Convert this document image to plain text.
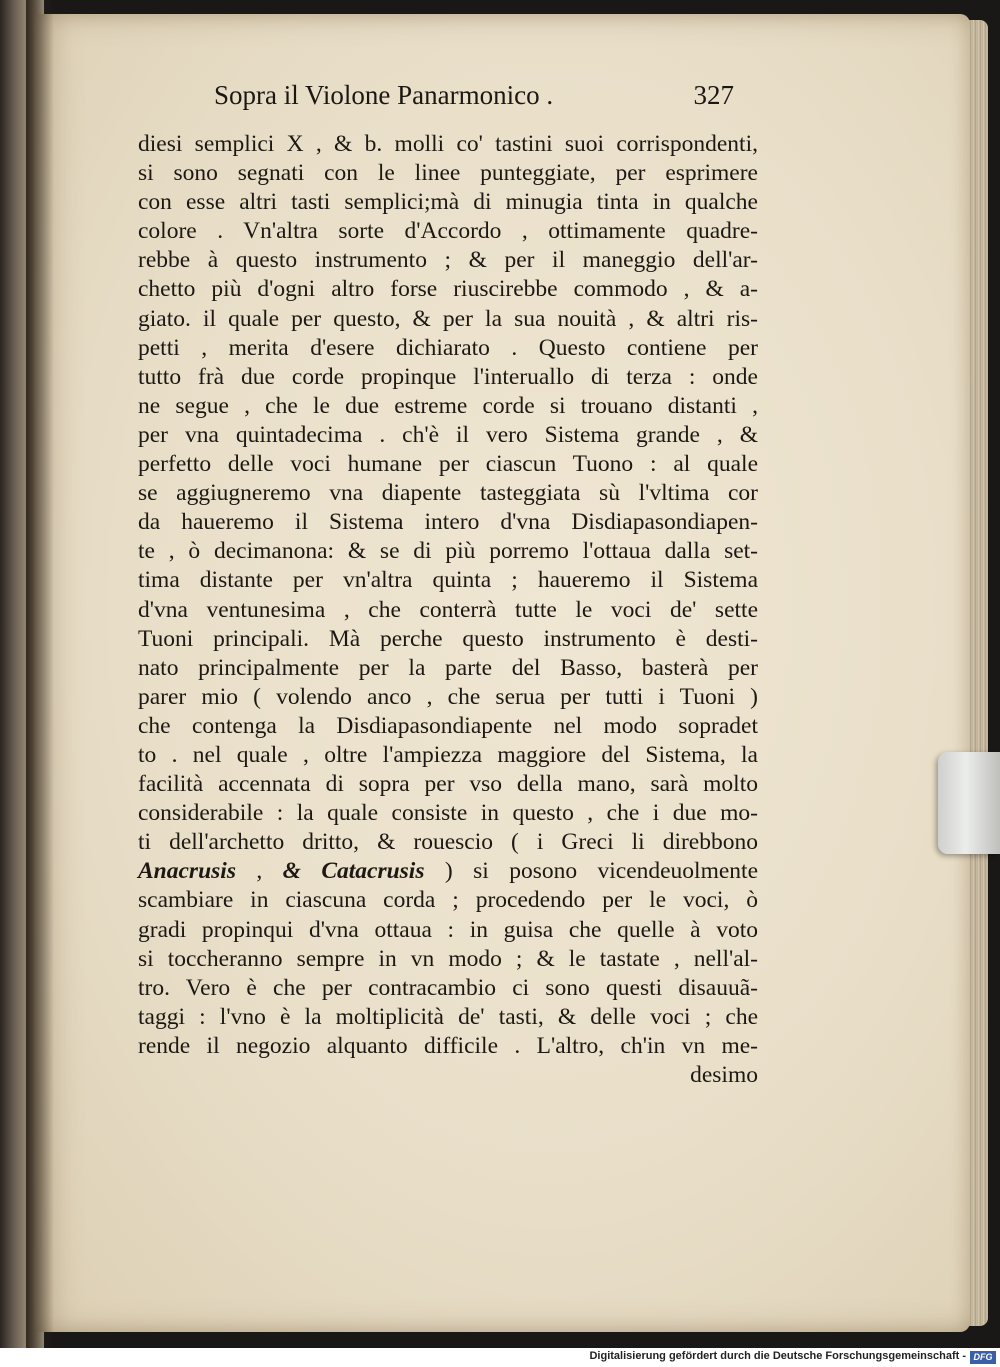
Sopra il Violone Panarmonico .	327
diesi semplici X , & b. molli co' tastini suoi corrispondenti,
si sono segnati con le linee punteggiate, per esprimere
con esse altri tasti semplici;mà di minugia tinta in qualche
colore . Vn'altra sorte d'Accordo , ottimamente quadre-
rebbe à questo instrumento ; & per il maneggio dell'ar-
chetto più d'ogni altro forse riuscirebbe commodo , & a-
giato. il quale per questo, & per la sua nouità , & altri ris-
petti , merita d'esere dichiarato . Questo contiene per
tutto frà due corde propinque l'interuallo di terza : onde
ne segue , che le due estreme corde si trouano distanti ,
per vna quintadecima . ch'è il vero Sistema grande , &
perfetto delle voci humane per ciascun Tuono : al quale
se aggiugneremo vna diapente tasteggiata sù l'vltima cor
da haueremo il Sistema intero d'vna Disdiapasondiapen-
te , ò decimanona: & se di più porremo l'ottaua dalla set-
tima distante per vn'altra quinta ; haueremo il Sistema
d'vna ventunesima , che conterrà tutte le voci de' sette
Tuoni principali. Mà perche questo instrumento è desti-
nato principalmente per la parte del Basso, basterà per
parer mio ( volendo anco , che serua per tutti i Tuoni )
che contenga la Disdiapasondiapente nel modo sopradet
to . nel quale , oltre l'ampiezza maggiore del Sistema, la
facilità accennata di sopra per vso della mano, sarà molto
considerabile : la quale consiste in questo , che i due mo-
ti dell'archetto dritto, & rouescio ( i Greci li direbbono
Anacrusis , & Catacrusis ) si posono vicendeuolmente
scambiare in ciascuna corda ; procedendo per le voci, ò
gradi propinqui d'vna ottaua : in guisa che quelle à voto
si toccheranno sempre in vn modo ; & le tastate , nell'al-
tro. Vero è che per contracambio ci sono questi disauuã-
taggi : l'vno è la moltiplicità de' tasti, & delle voci ; che
rende il negozio alquanto difficile . L'altro, ch'in vn me-
desimo
Digitalisierung gefördert durch die Deutsche Forschungsgemeinschaft - DFG
